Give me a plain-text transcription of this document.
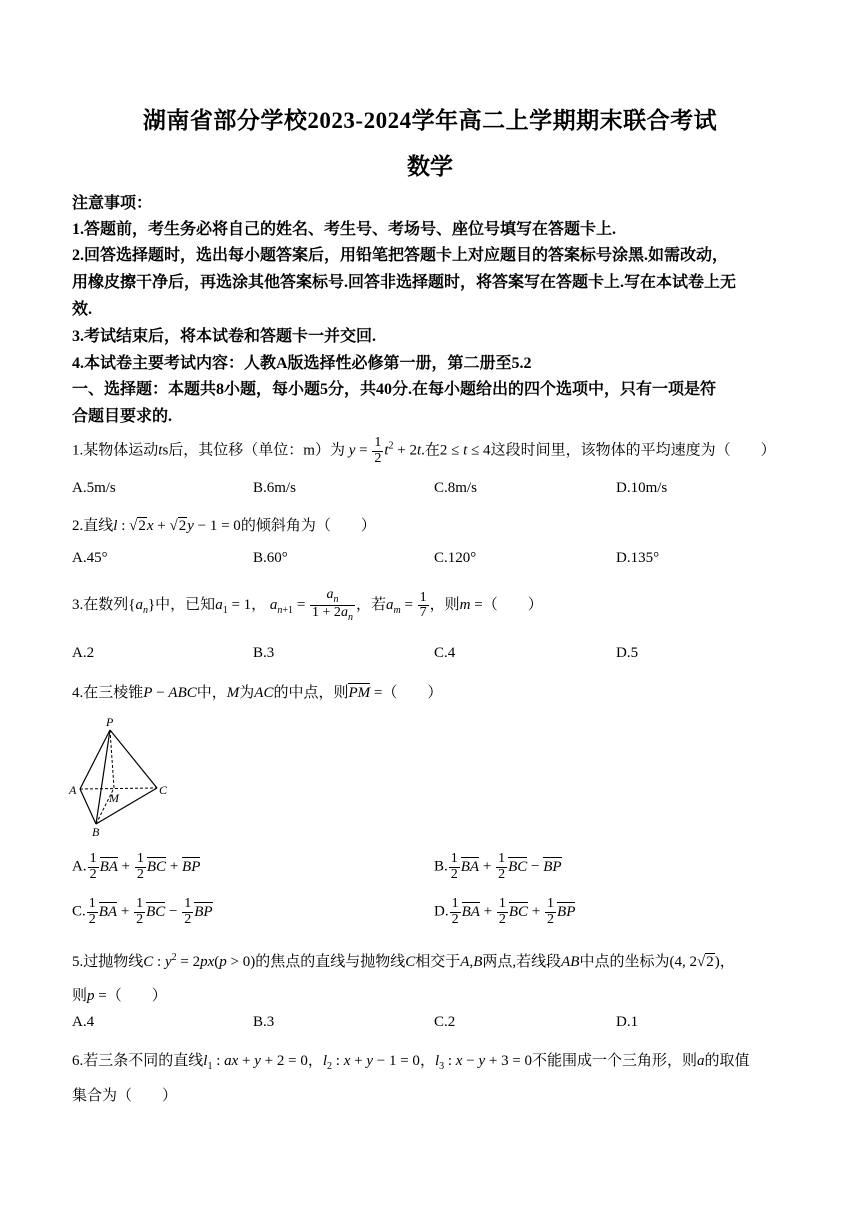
湖南省部分学校2023-2024学年高二上学期期末联合考试
数学
注意事项：
1.答题前，考生务必将自己的姓名、考生号、考场号、座位号填写在答题卡上.
2.回答选择题时，选出每小题答案后，用铅笔把答题卡上对应题目的答案标号涂黑.如需改动，
用橡皮擦干净后，再选涂其他答案标号.回答非选择题时，将答案写在答题卡上.写在本试卷上无
效.
3.考试结束后，将本试卷和答题卡一并交回.
4.本试卷主要考试内容：人教A版选择性必修第一册，第二册至5.2
一、选择题：本题共8小题，每小题5分，共40分.在每小题给出的四个选项中，只有一项是符
合题目要求的.
1.某物体运动ts后，其位移（单位：m）为 $y = \frac{1}{2} t^2 + 2t$.在2 ≤ t ≤ 4这段时间里，该物体的平均速度为（　　）
A.5m/s	B.6m/s	C.8m/s	D.10m/s
2.直线l : √2x + √2y − 1 = 0的倾斜角为（　　）
A.45°	B.60°	C.120°	D.135°
3.在数列$\{a_n\}$中，已知$a_1 = 1$， $a_{n+1} = \frac{a_n}{1 + 2a_n}$ ，若$a_m = \frac{1}{7}$ ，则m =（　　）
A.2	B.3	C.4	D.5
4.在三棱锥P − ABC中，M为AC的中点，则PM =（　　）
P
A
M
C
B
A. $\frac{1}{2}$ BA + $\frac{1}{2}$ BC + BP	B. $\frac{1}{2}$ BA + $\frac{1}{2}$ BC − BP
C. $\frac{1}{2}$ BA + $\frac{1}{2}$ BC − $\frac{1}{2}$ BP	D. $\frac{1}{2}$ BA + $\frac{1}{2}$ BC + $\frac{1}{2}$ BP
5.过抛物线C : $y^2 = 2px(p > 0)$的焦点的直线与抛物线C相交于A,B两点,若线段AB中点的坐标为(4, 2√2)，
则p =（　　）
A.4	B.3	C.2	D.1
6.若三条不同的直线$l_1$ : ax + y + 2 = 0，$l_2$ : x + y − 1 = 0，$l_3$ : x − y + 3 = 0不能围成一个三角形，则a的取值
集合为（　　）
